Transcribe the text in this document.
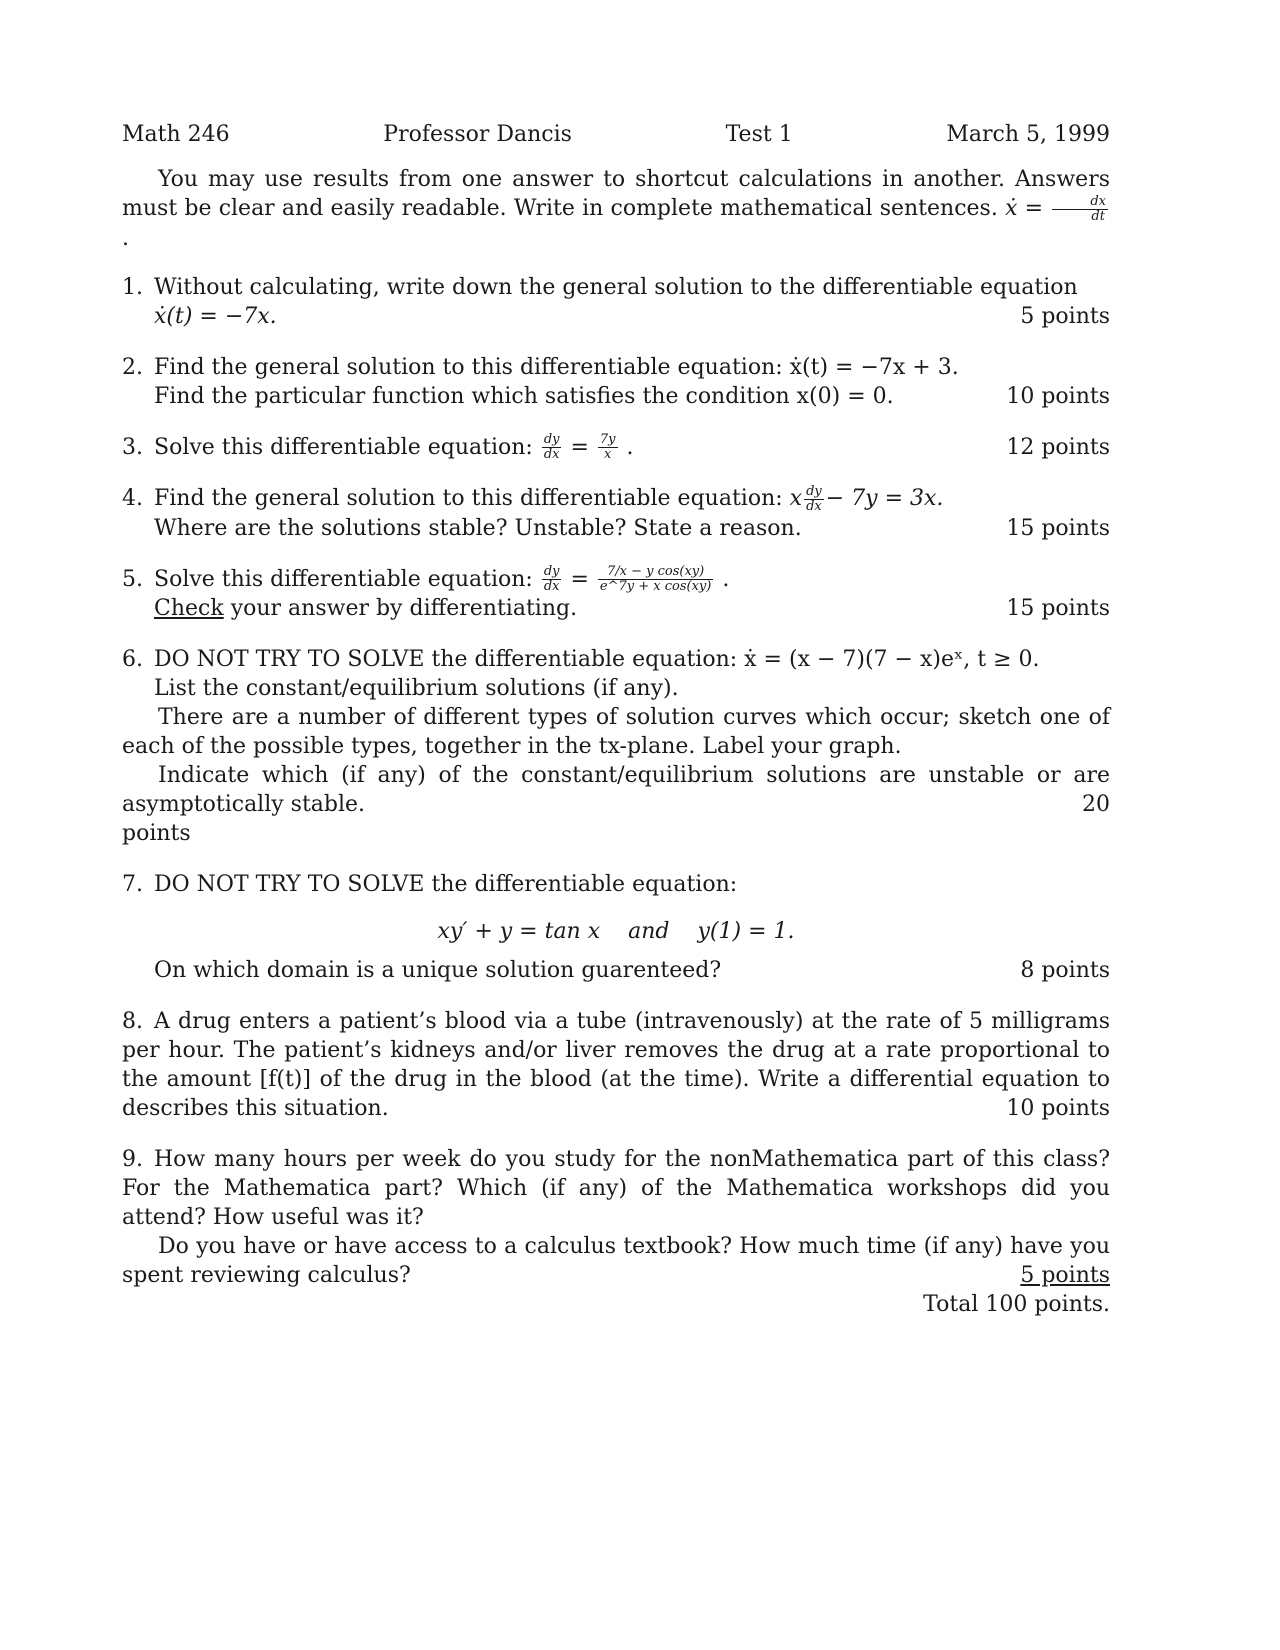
Math 246	Professor Dancis	Test 1	March 5, 1999

You may use results from one answer to shortcut calculations in another. Answers must be clear and easily readable. Write in complete mathematical sentences. ẋ = $\frac{dx}{dt}$
.

1. Without calculating, write down the general solution to the differentiable equation
ẋ(t) = −7x.	5 points
2. Find the general solution to this differentiable equation: ẋ(t) = −7x + 3.
Find the particular function which satisfies the condition x(0) = 0.	10 points
3. Solve this differentiable equation: $\frac{dy}{dx} = \frac{7y}{x}$ .	12 points
4. Find the general solution to this differentiable equation: x $\frac{dy}{dx} - 7y = 3x$.
Where are the solutions stable? Unstable? State a reason.	15 points
5. Solve this differentiable equation: $\frac{dy}{dx} = \frac{\text{7/x − y cos(xy)}}{\text{e\textasciicircum{}7y + x cos(xy)}}$ .
Check your answer by differentiating.	15 points
6. DO NOT TRY TO SOLVE the differentiable equation: ẋ = (x − 7)(7 − x)eˣ, t ≥ 0.
List the constant/equilibrium solutions (if any).
There are a number of different types of solution curves which occur; sketch one of each of the possible types, together in the tx-plane. Label your graph.
Indicate which (if any) of the constant/equilibrium solutions are unstable or are asymptotically stable.	20
points
7. DO NOT TRY TO SOLVE the differentiable equation:
xy′ + y = tan x and y(1) = 1.
On which domain is a unique solution guarenteed?	8 points
8. A drug enters a patient’s blood via a tube (intravenously) at the rate of 5 milligrams per hour. The patient’s kidneys and/or liver removes the drug at a rate proportional to the amount [f(t)] of the drug in the blood (at the time). Write a differential equation to describes this situation.	10 points
9. How many hours per week do you study for the nonMathematica part of this class? For the Mathematica part? Which (if any) of the Mathematica workshops did you attend? How useful was it?
Do you have or have access to a calculus textbook? How much time (if any) have you spent reviewing calculus?	5 points
Total 100 points.
